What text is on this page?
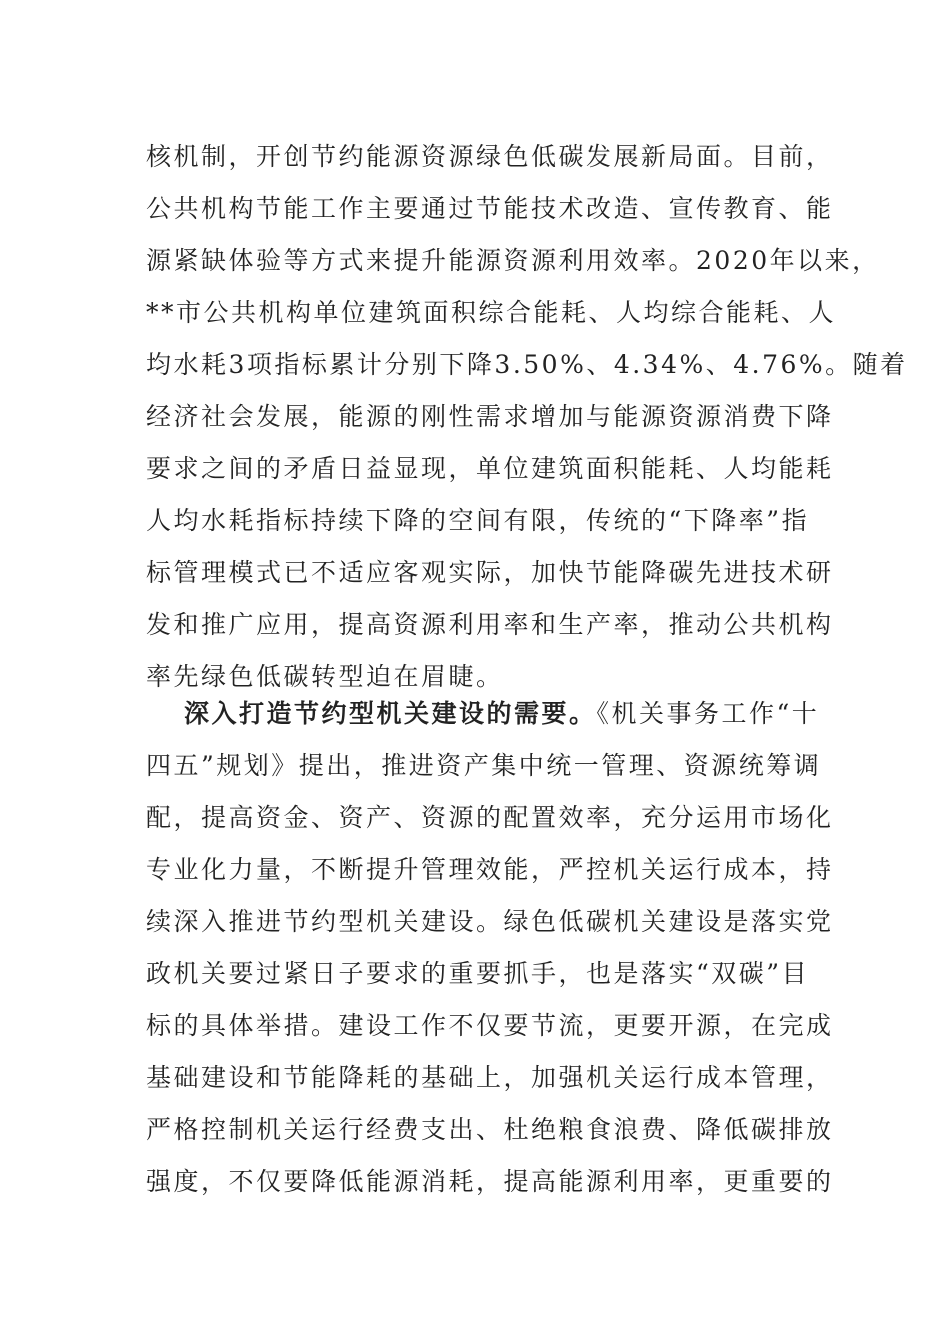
核机制，开创节约能源资源绿色低碳发展新局面。目前，
公共机构节能工作主要通过节能技术改造、宣传教育、能
源紧缺体验等方式来提升能源资源利用效率。2020年以来，
**市公共机构单位建筑面积综合能耗、人均综合能耗、人
均水耗3项指标累计分别下降3.50%、4.34%、4.76%。随着
经济社会发展，能源的刚性需求增加与能源资源消费下降
要求之间的矛盾日益显现，单位建筑面积能耗、人均能耗
人均水耗指标持续下降的空间有限，传统的“下降率”指
标管理模式已不适应客观实际，加快节能降碳先进技术研
发和推广应用，提高资源利用率和生产率，推动公共机构
率先绿色低碳转型迫在眉睫。
深入打造节约型机关建设的需要。《机关事务工作“十
四五”规划》提出，推进资产集中统一管理、资源统筹调
配，提高资金、资产、资源的配置效率，充分运用市场化
专业化力量，不断提升管理效能，严控机关运行成本，持
续深入推进节约型机关建设。绿色低碳机关建设是落实党
政机关要过紧日子要求的重要抓手，也是落实“双碳”目
标的具体举措。建设工作不仅要节流，更要开源，在完成
基础建设和节能降耗的基础上，加强机关运行成本管理，
严格控制机关运行经费支出、杜绝粮食浪费、降低碳排放
强度，不仅要降低能源消耗，提高能源利用率，更重要的
